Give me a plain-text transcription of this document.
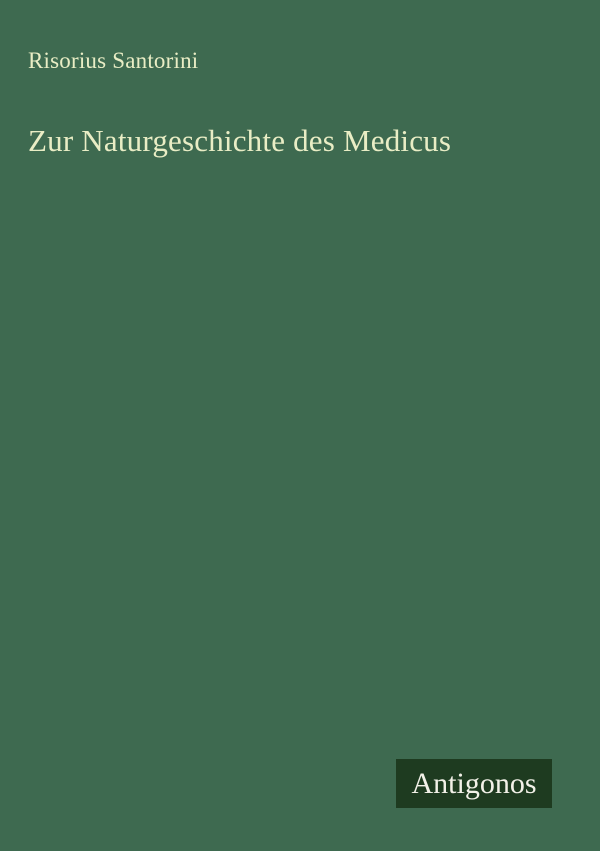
Risorius Santorini
Zur Naturgeschichte des Medicus
Antigonos
